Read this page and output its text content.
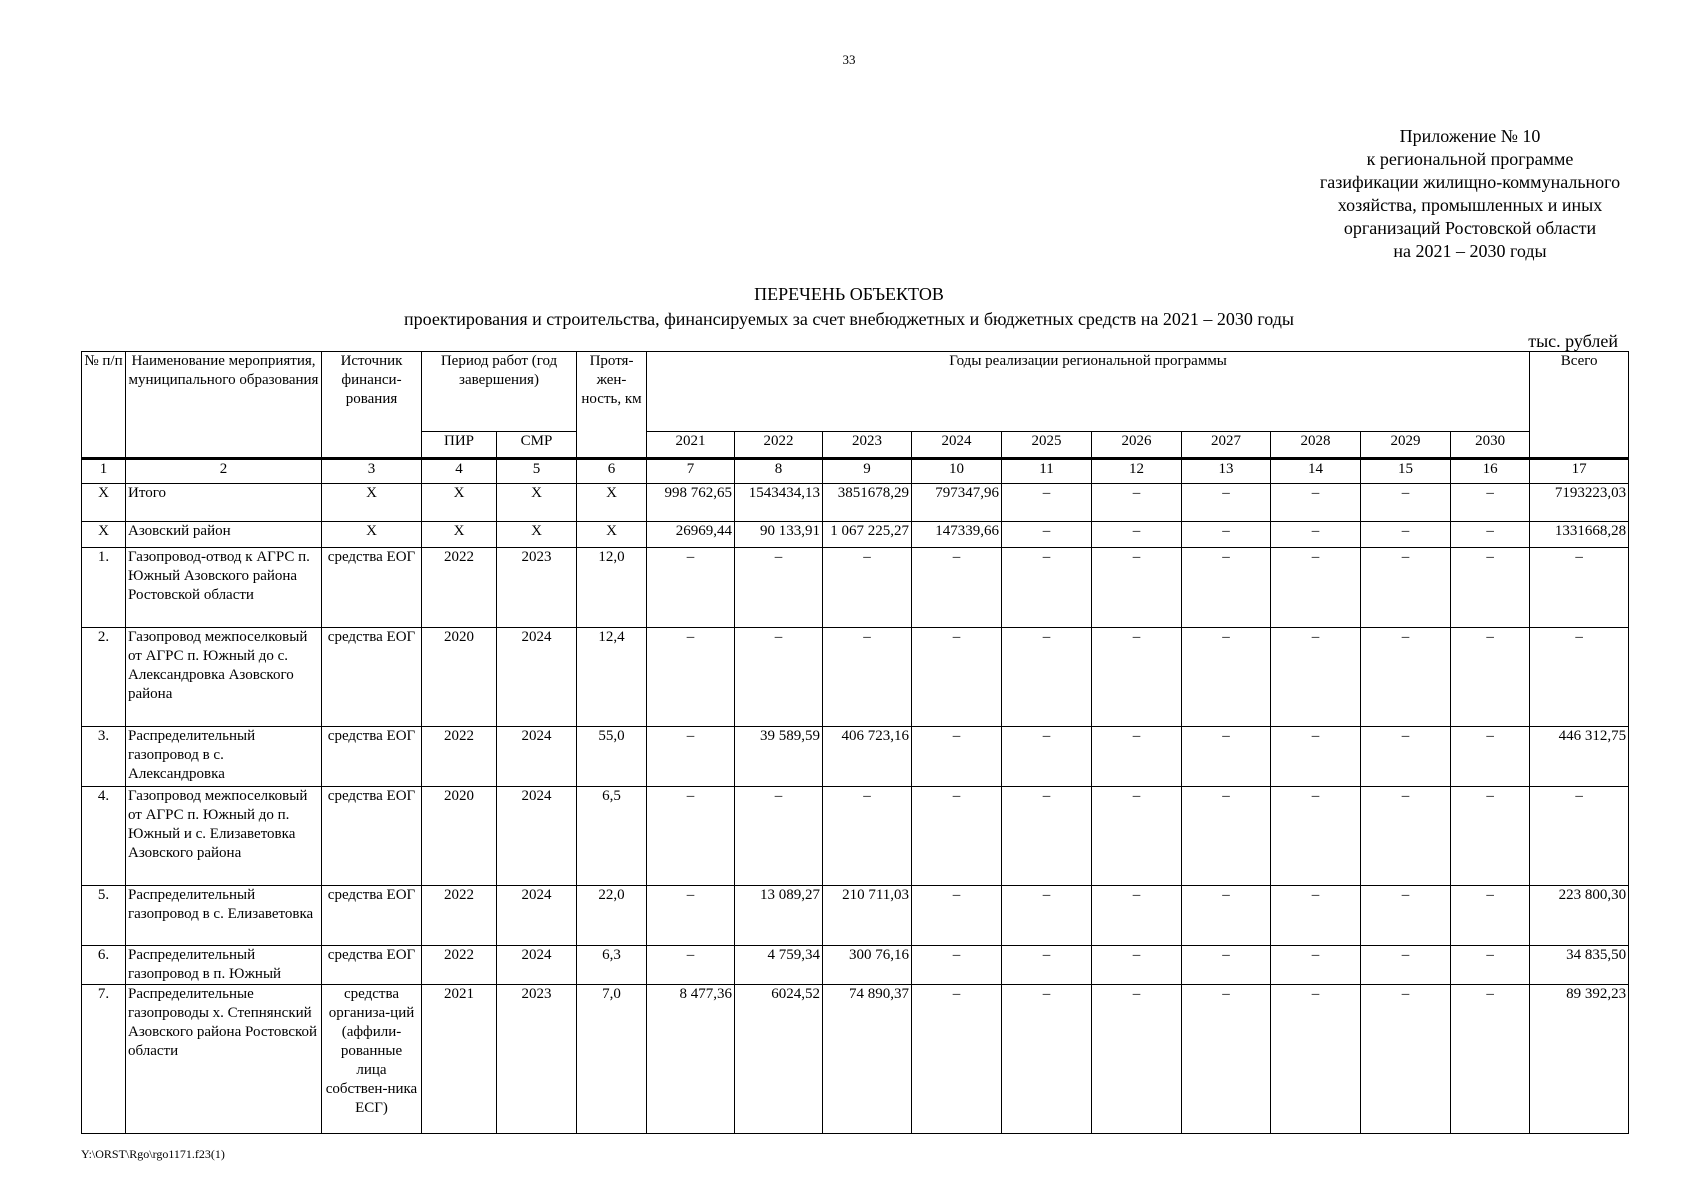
33
Приложение № 10
к региональной программе
газификации жилищно-коммунального
хозяйства, промышленных и иных
организаций Ростовской области
на 2021 – 2030 годы
ПЕРЕЧЕНЬ ОБЪЕКТОВ
проектирования и строительства, финансируемых за счет внебюджетных и бюджетных средств на 2021 – 2030 годы
тыс. рублей
№ п/п	Наименование мероприятия, муниципального образования	Источник финанси-рования	Период работ (год завершения)		Протя-жен-ность, км	Годы реализации региональной программы										Всего
			ПИР	СМР		2021	2022	2023	2024	2025	2026	2027	2028	2029	2030	
1	2	3	4	5	6	7	8	9	10	11	12	13	14	15	16	17
X	Итого	X	X	X	X	998 762,65	1543434,13	3851678,29	797347,96	–	–	–	–	–	–	7193223,03
X	Азовский район	X	X	X	X	26969,44	90 133,91	1 067 225,27	147339,66	–	–	–	–	–	–	1331668,28
1.	Газопровод-отвод к АГРС п. Южный Азовского района Ростовской области	средства ЕОГ	2022	2023	12,0	–	–	–	–	–	–	–	–	–	–	–
2.	Газопровод межпоселковый от АГРС п. Южный до с. Александровка Азовского района	средства ЕОГ	2020	2024	12,4	–	–	–	–	–	–	–	–	–	–	–
3.	Распределительный газопровод в с. Александровка	средства ЕОГ	2022	2024	55,0	–	39 589,59	406 723,16	–	–	–	–	–	–	–	446 312,75
4.	Газопровод межпоселковый от АГРС п. Южный до п. Южный и с. Елизаветовка Азовского района	средства ЕОГ	2020	2024	6,5	–	–	–	–	–	–	–	–	–	–	–
5.	Распределительный газопровод в с. Елизаветовка	средства ЕОГ	2022	2024	22,0	–	13 089,27	210 711,03	–	–	–	–	–	–	–	223 800,30
6.	Распределительный газопровод в п. Южный	средства ЕОГ	2022	2024	6,3	–	4 759,34	300 76,16	–	–	–	–	–	–	–	34 835,50
7.	Распределительные газопроводы х. Степнянский Азовского района Ростовской области	средства организа-ций (аффили-рованные лица собствен-ника ЕСГ)	2021	2023	7,0	8 477,36	6024,52	74 890,37	–	–	–	–	–	–	–	89 392,23
Y:\ORST\Rgo\rgo1171.f23(1)
